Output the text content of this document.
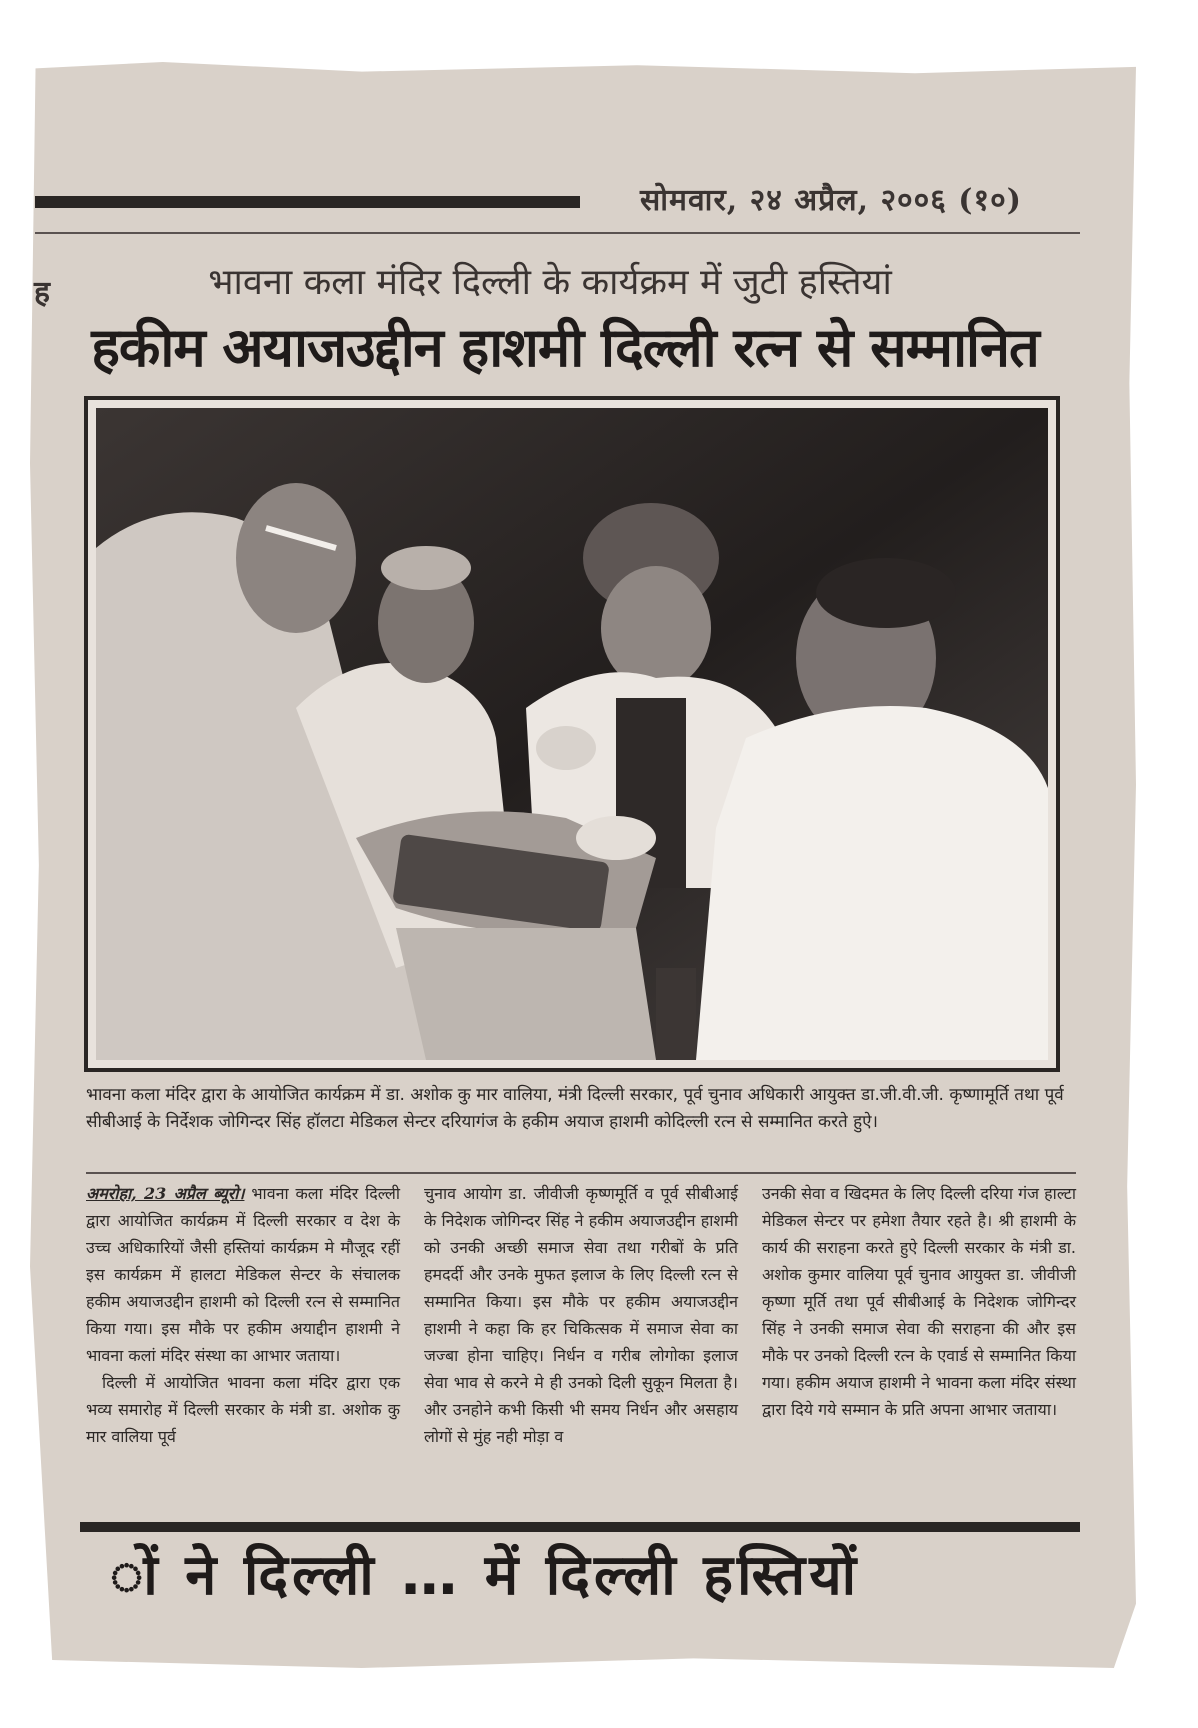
सोमवार, २४ अप्रैल, २००६ (१०)
ह	भावना कला मंदिर दिल्ली के कार्यक्रम में जुटी हस्तियां
हकीम अयाजउद्दीन हाशमी दिल्ली रत्न से सम्मानित
भावना कला मंदिर द्वारा के आयोजित कार्यक्रम में डा. अशोक कु मार वालिया, मंत्री दिल्ली सरकार, पूर्व चुनाव अधिकारी आयुक्त डा.जी.वी.जी. कृष्णामूर्ति तथा पूर्व सीबीआई के निर्देशक जोगिन्दर सिंह हॉलटा मेडिकल सेन्टर दरियागंज के हकीम अयाज हाशमी कोदिल्ली रत्न से सम्मानित करते हुऐ।

अमरोहा, 23 अप्रैल ब्यूरो। भावना कला मंदिर दिल्ली द्वारा आयोजित कार्यक्रम में दिल्ली सरकार व देश के उच्च अधिकारियों जैसी हस्तियां कार्यक्रम मे मौजूद रहीं इस कार्यक्रम में हालटा मेडिकल सेन्टर के संचालक हकीम अयाजउद्दीन हाशमी को दिल्ली रत्न से सम्मानित किया गया। इस मौके पर हकीम अयाद्दीन हाशमी ने भावना कलां मंदिर संस्था का आभार जताया।

दिल्ली में आयोजित भावना कला मंदिर द्वारा एक भव्य समारोह में दिल्ली सरकार के मंत्री डा. अशोक कु मार वालिया पूर्व

चुनाव आयोग डा. जीवीजी कृष्णमूर्ति व पूर्व सीबीआई के निदेशक जोगिन्दर सिंह ने हकीम अयाजउद्दीन हाशमी को उनकी अच्छी समाज सेवा तथा गरीबों के प्रति हमदर्दी और उनके मुफत इलाज के लिए दिल्ली रत्न से सम्मानित किया। इस मौके पर हकीम अयाजउद्दीन हाशमी ने कहा कि हर चिकित्सक में समाज सेवा का जज्बा होना चाहिए। निर्धन व गरीब लोगोका इलाज सेवा भाव से करने मे ही उनको दिली सुकून मिलता है। और उनहोने कभी किसी भी समय निर्धन और असहाय लोगों से मुंह नही मोड़ा व

उनकी सेवा व खिदमत के लिए दिल्ली दरिया गंज हाल्टा मेडिकल सेन्टर पर हमेशा तैयार रहते है। श्री हाशमी के कार्य की सराहना करते हुऐ दिल्ली सरकार के मंत्री डा. अशोक कुमार वालिया पूर्व चुनाव आयुक्त डा. जीवीजी कृष्णा मूर्ति तथा पूर्व सीबीआई के निदेशक जोगिन्दर सिंह ने उनकी समाज सेवा की सराहना की और इस मौके पर उनको दिल्ली रत्न के एवार्ड से सम्मानित किया गया। हकीम अयाज हाशमी ने भावना कला मंदिर संस्था द्वारा दिये गये सम्मान के प्रति अपना आभार जताया।
